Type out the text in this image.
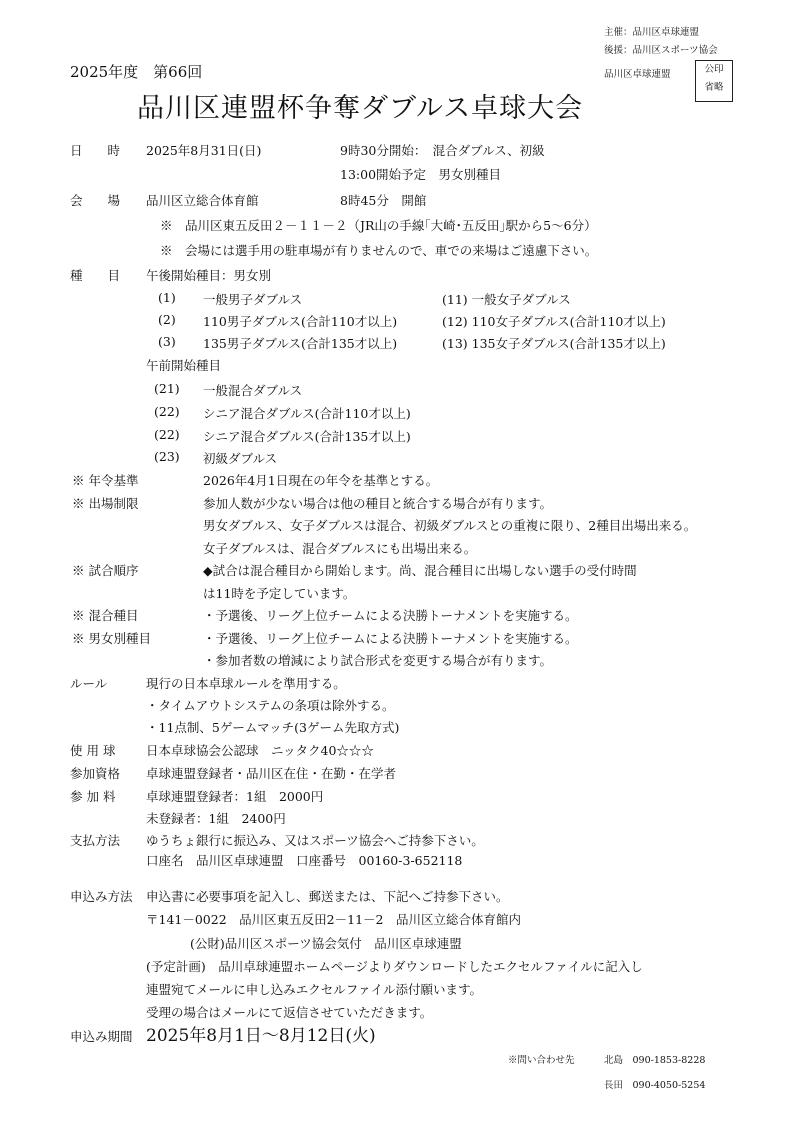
主催：品川区卓球連盟
後援：品川区スポーツ協会
品川区卓球連盟	公印
省略
2025年度　第66回
品川区連盟杯争奪ダブルス卓球大会
日　　時 2025年8月31日(日)	9時30分開始：　混合ダブルス、初級
13:00開始予定　男女別種目
会　　場 品川区立総合体育館	8時45分　開館
※　品川区東五反田２－１１－２（JR山の手線｢大崎･五反田｣駅から5～6分）
※　会場には選手用の駐車場が有りませんので、車での来場はご遠慮下さい。
種　　目 午後開始種目：男女別
(1) 一般男子ダブルス	(11) 一般女子ダブルス
(2) 110男子ダブルス(合計110才以上)	(12) 110女子ダブルス(合計110才以上)
(3) 135男子ダブルス(合計135才以上)	(13) 135女子ダブルス(合計135才以上)
午前開始種目
(21) 一般混合ダブルス
(22) シニア混合ダブルス(合計110才以上)
(22) シニア混合ダブルス(合計135才以上)
(23) 初級ダブルス
※ 年令基準	2026年4月1日現在の年令を基準とする。
※ 出場制限	参加人数が少ない場合は他の種目と統合する場合が有ります。
男女ダブルス、女子ダブルスは混合、初級ダブルスとの重複に限り、2種目出場出来る。
女子ダブルスは、混合ダブルスにも出場出来る。
※ 試合順序	◆試合は混合種目から開始します。尚、混合種目に出場しない選手の受付時間
は11時を予定しています。
※ 混合種目	・予選後、リーグ上位チームによる決勝トーナメントを実施する。
※ 男女別種目	・予選後、リーグ上位チームによる決勝トーナメントを実施する。
・参加者数の増減により試合形式を変更する場合が有ります。
ルール	現行の日本卓球ルールを準用する。
・タイムアウトシステムの条項は除外する。
・11点制、5ゲームマッチ(3ゲーム先取方式)
使 用 球 日本卓球協会公認球　ニッタク40☆☆☆
参加資格 卓球連盟登録者・品川区在住・在勤・在学者
参 加 料 卓球連盟登録者：1組　2000円
未登録者：1組　2400円
支払方法 ゆうちょ銀行に振込み、又はスポーツ協会へご持参下さい。
口座名　品川区卓球連盟　口座番号　00160-3-652118
申込み方法 申込書に必要事項を記入し、郵送または、下記へご持参下さい。
〒141－0022　品川区東五反田2－11－2　品川区立総合体育館内
(公財)品川区スポーツ協会気付　品川区卓球連盟
(予定計画)　品川卓球連盟ホームページよりダウンロードしたエクセルファイルに記入し
連盟宛てメールに申し込みエクセルファイル添付願います。
受理の場合はメールにて返信させていただきます。
申込み期間 2025年8月1日～8月12日(火)
※問い合わせ先	北島　090-1853-8228
長田　090-4050-5254
